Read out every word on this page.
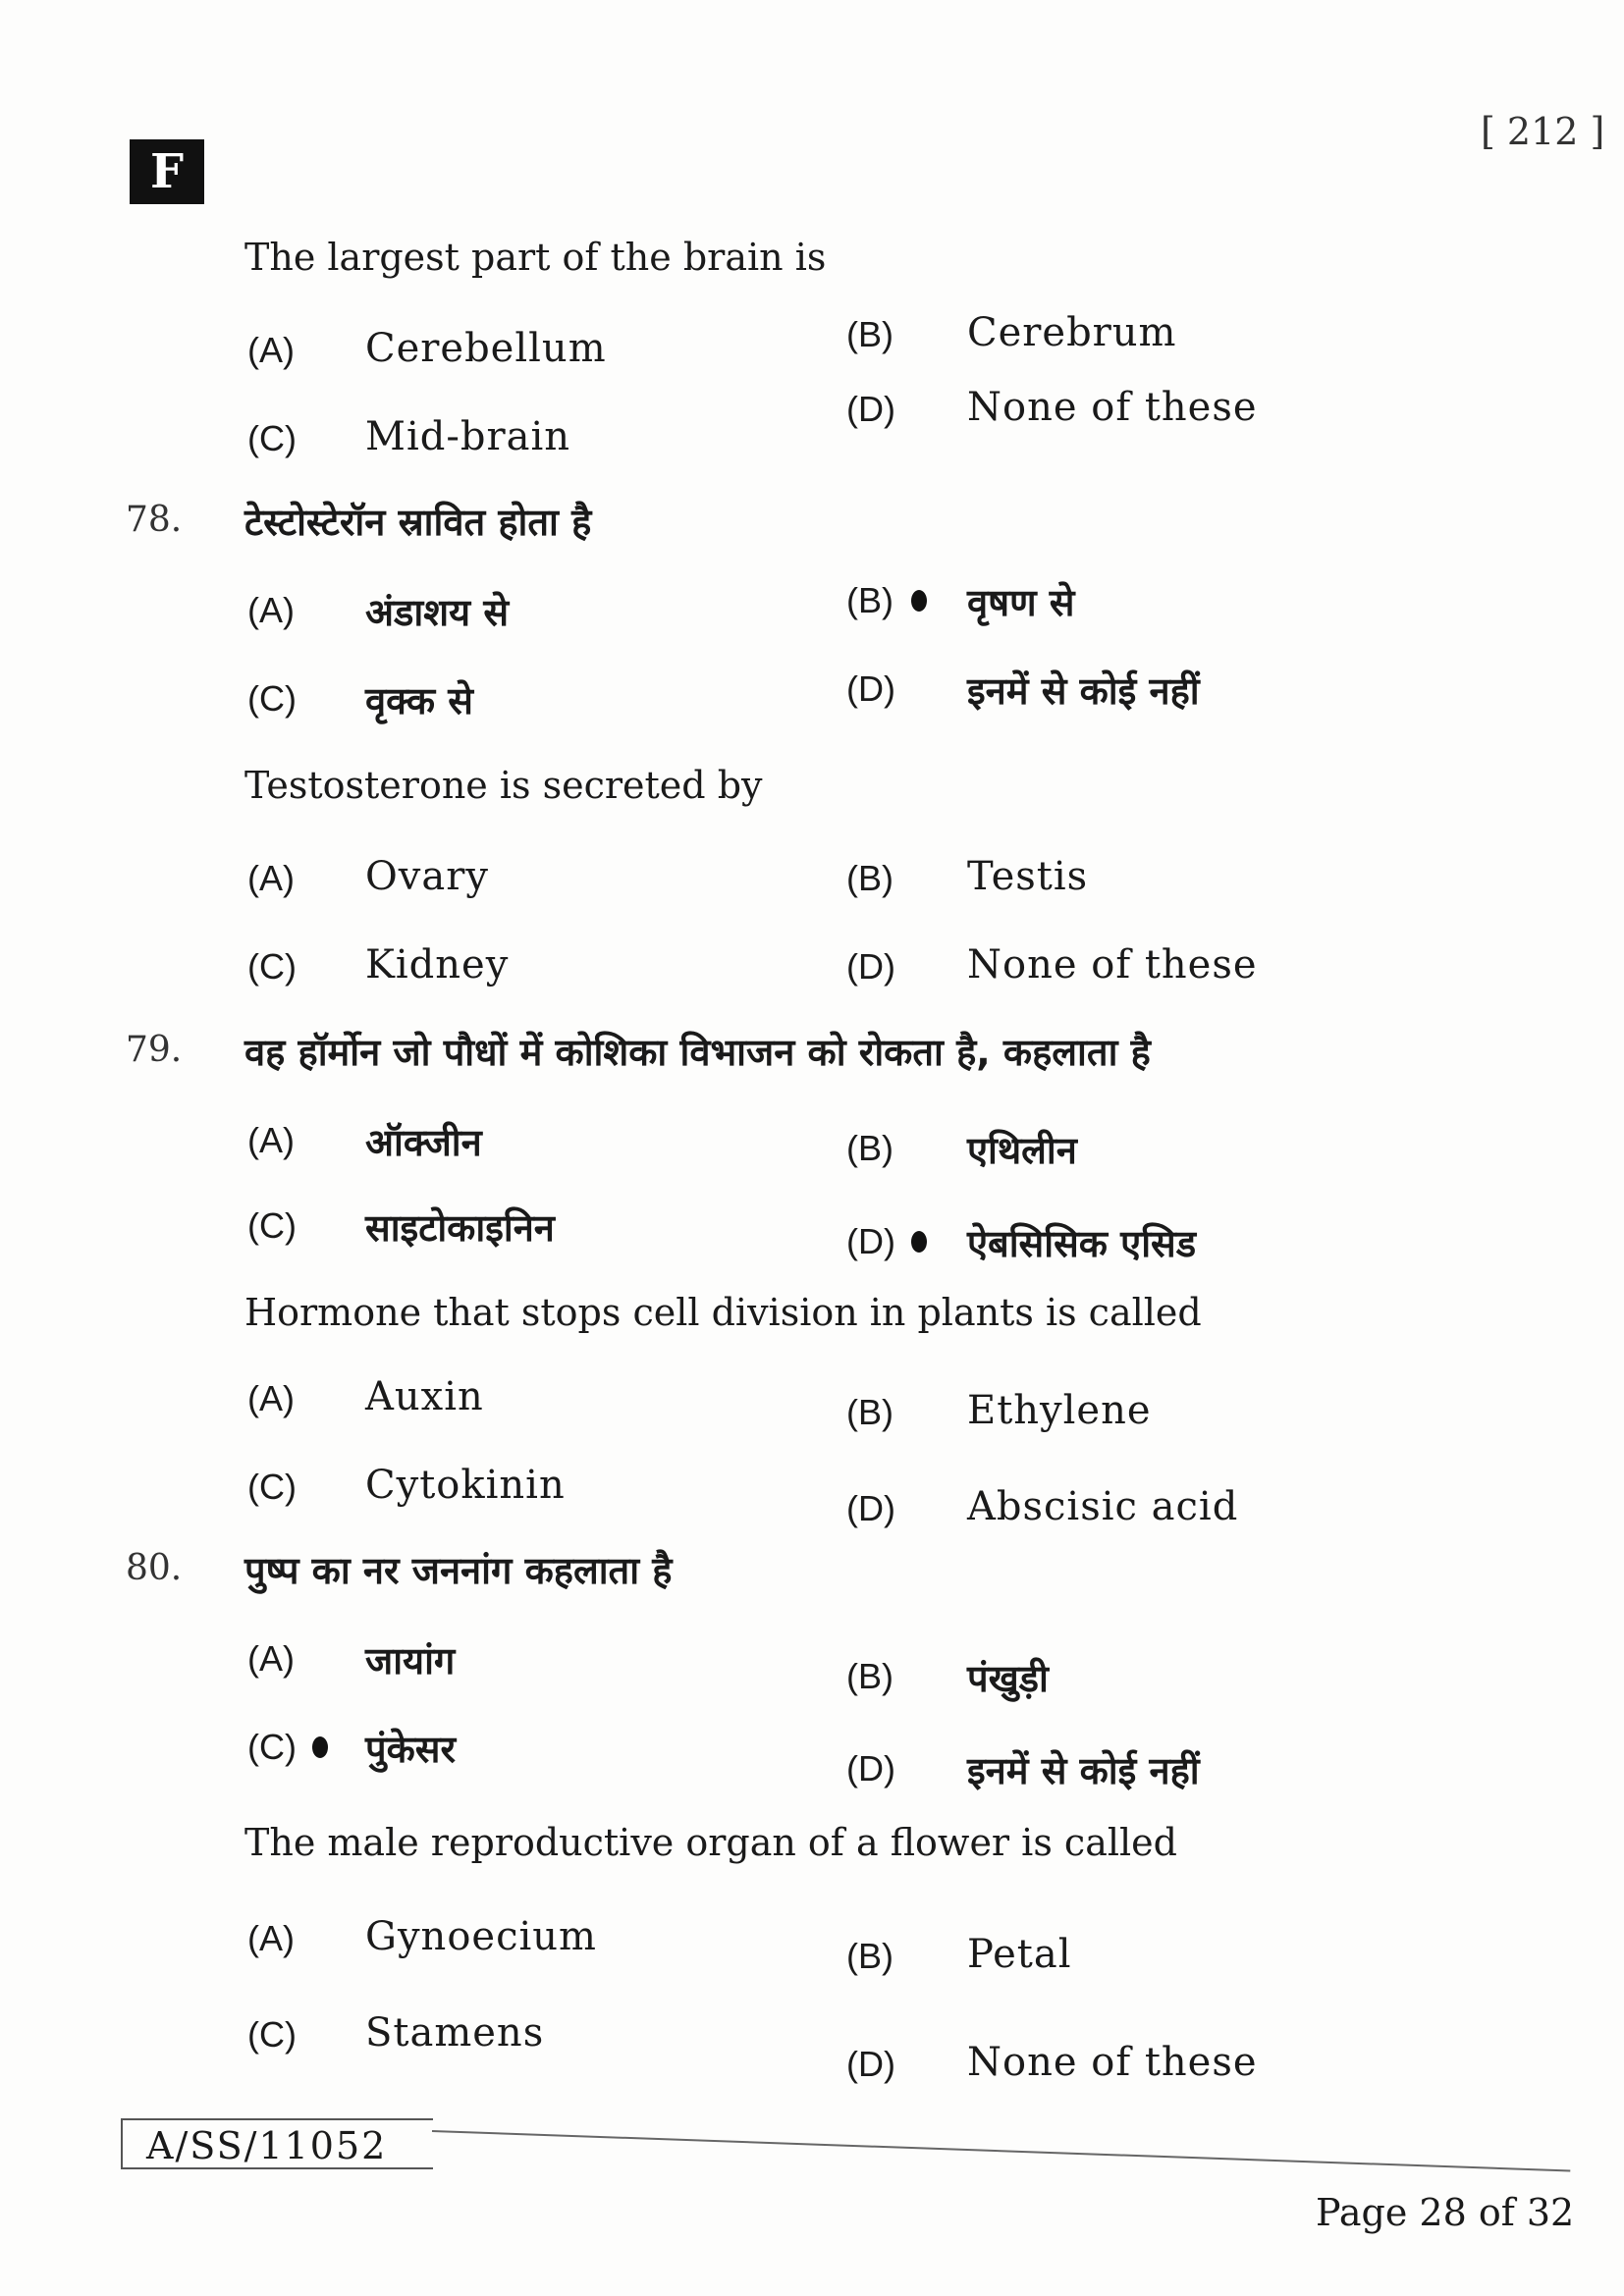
[ 212 ]
F
The largest part of the brain is
(A) Cerebellum	(B) Cerebrum
(C) Mid-brain
(D) None of these
78. टेस्टोस्टेरॉन स्रावित होता है
(A) अंडाशय से	(B) वृषण से
(C) वृक्क से	(D) इनमें से कोई नहीं
Testosterone is secreted by
(A) Ovary	(B) Testis
(C) Kidney	(D) None of these
79. वह हॉर्मोन जो पौधों में कोशिका विभाजन को रोकता है, कहलाता है
(A) ऑक्जीन	(B) एथिलीन
(C) साइटोकाइनिन	(D) ऐबसिसिक एसिड
Hormone that stops cell division in plants is called
(A) Auxin	(B) Ethylene
(C) Cytokinin
(D) Abscisic acid
80. पुष्प का नर जननांग कहलाता है
(A) जायांग	(B) पंखुड़ी
(C) पुंकेसर	(D) इनमें से कोई नहीं
The male reproductive organ of a flower is called
(A) Gynoecium	(B) Petal
(C) Stamens
(D) None of these
A/SS/11052
Page 28 of 32
